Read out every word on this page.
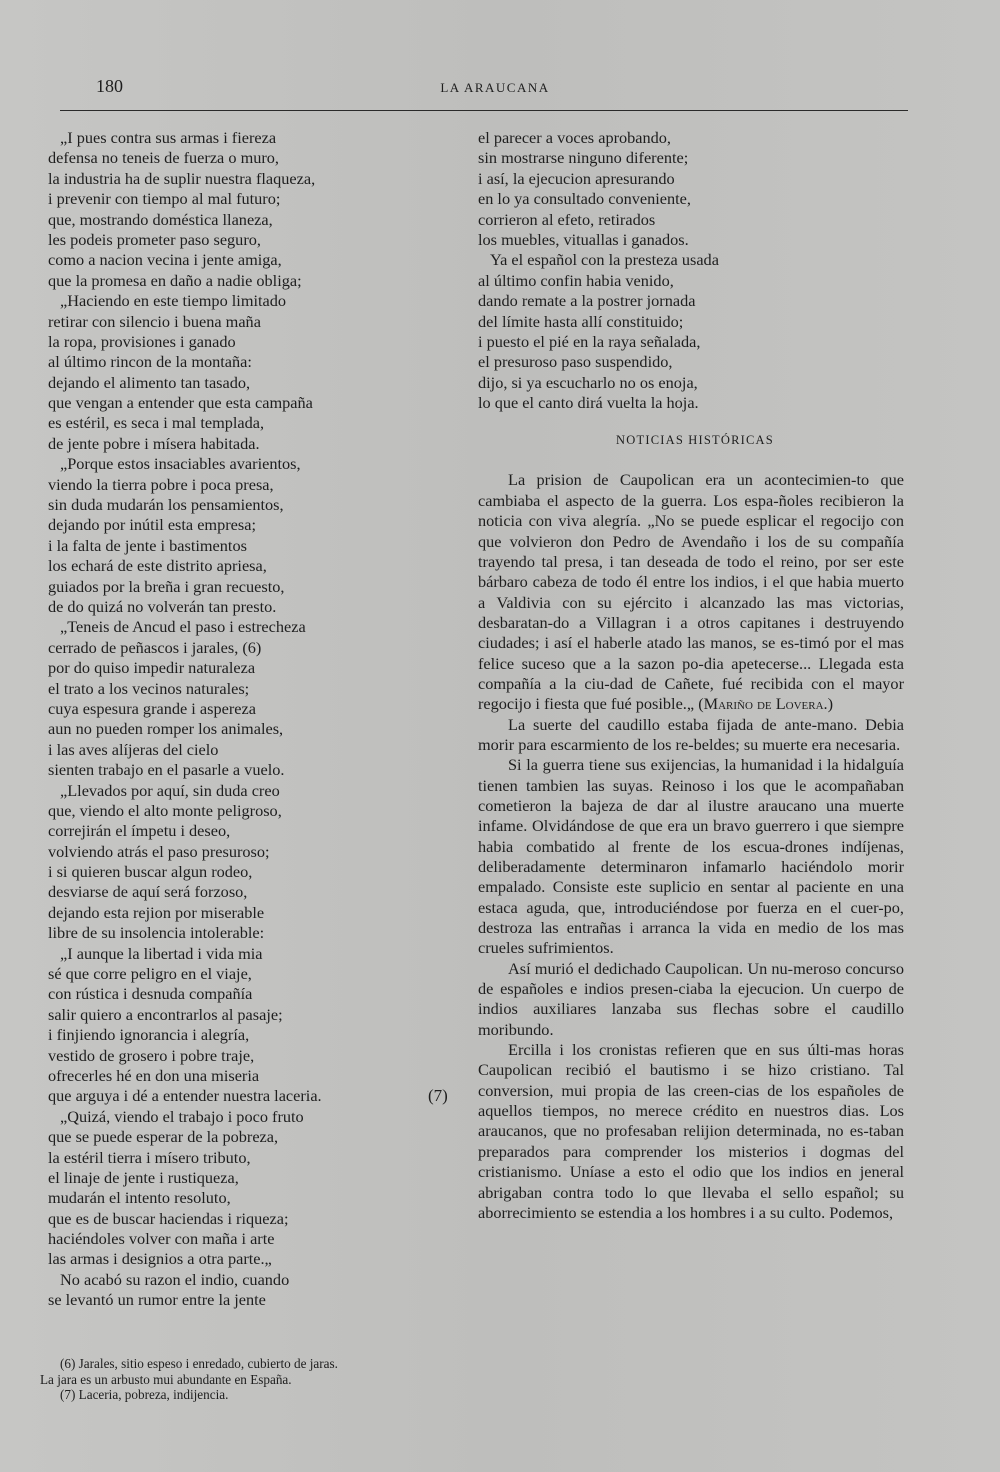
180	LA ARAUCANA
„I pues contra sus armas i fiereza
defensa no teneis de fuerza o muro,
la industria ha de suplir nuestra flaqueza,
i prevenir con tiempo al mal futuro;
que, mostrando doméstica llaneza,
les podeis prometer paso seguro,
como a nacion vecina i jente amiga,
que la promesa en daño a nadie obliga;
„Haciendo en este tiempo limitado
retirar con silencio i buena maña
la ropa, provisiones i ganado
al último rincon de la montaña:
dejando el alimento tan tasado,
que vengan a entender que esta campaña
es estéril, es seca i mal templada,
de jente pobre i mísera habitada.
„Porque estos insaciables avarientos,
viendo la tierra pobre i poca presa,
sin duda mudarán los pensamientos,
dejando por inútil esta empresa;
i la falta de jente i bastimentos
los echará de este distrito apriesa,
guiados por la breña i gran recuesto,
de do quizá no volverán tan presto.
„Teneis de Ancud el paso i estrecheza
cerrado de peñascos i jarales, (6)
por do quiso impedir naturaleza
el trato a los vecinos naturales;
cuya espesura grande i aspereza
aun no pueden romper los animales,
i las aves alíjeras del cielo
sienten trabajo en el pasarle a vuelo.
„Llevados por aquí, sin duda creo
que, viendo el alto monte peligroso,
correjirán el ímpetu i deseo,
volviendo atrás el paso presuroso;
i si quieren buscar algun rodeo,
desviarse de aquí será forzoso,
dejando esta rejion por miserable
libre de su insolencia intolerable:
„I aunque la libertad i vida mia
sé que corre peligro en el viaje,
con rústica i desnuda compañía
salir quiero a encontrarlos al pasaje;
i finjiendo ignorancia i alegría,
vestido de grosero i pobre traje,
ofrecerles hé en don una miseria
que arguya i dé a entender nuestra laceria.	(7)
„Quizá, viendo el trabajo i poco fruto
que se puede esperar de la pobreza,
la estéril tierra i mísero tributo,
el linaje de jente i rustiqueza,
mudarán el intento resoluto,
que es de buscar haciendas i riqueza;
haciéndoles volver con maña i arte
las armas i designios a otra parte.„
No acabó su razon el indio, cuando
se levantó un rumor entre la jente
el parecer a voces aprobando,
sin mostrarse ninguno diferente;
i así, la ejecucion apresurando
en lo ya consultado conveniente,
corrieron al efeto, retirados
los muebles, vituallas i ganados.
Ya el español con la presteza usada
al último confin habia venido,
dando remate a la postrer jornada
del límite hasta allí constituido;
i puesto el pié en la raya señalada,
el presuroso paso suspendido,
dijo, si ya escucharlo no os enoja,
lo que el canto dirá vuelta la hoja.
NOTICIAS HISTÓRICAS

La prision de Caupolican era un acontecimien-to que cambiaba el aspecto de la guerra. Los espa-ñoles recibieron la noticia con viva alegría. „No se puede esplicar el regocijo con que volvieron don Pedro de Avendaño i los de su compañía trayendo tal presa, i tan deseada de todo el reino, por ser este bárbaro cabeza de todo él entre los indios, i el que habia muerto a Valdivia con su ejército i alcanzado las mas victorias, desbaratan-do a Villagran i a otros capitanes i destruyendo ciudades; i así el haberle atado las manos, se es-timó por el mas felice suceso que a la sazon po-dia apetecerse... Llegada esta compañía a la ciu-dad de Cañete, fué recibida con el mayor regocijo i fiesta que fué posible.„ (Mariño de Lovera.)

La suerte del caudillo estaba fijada de ante-mano. Debia morir para escarmiento de los re-beldes; su muerte era necesaria.

Si la guerra tiene sus exijencias, la humanidad i la hidalguía tienen tambien las suyas. Reinoso i los que le acompañaban cometieron la bajeza de dar al ilustre araucano una muerte infame. Olvidándose de que era un bravo guerrero i que siempre habia combatido al frente de los escua-drones indíjenas, deliberadamente determinaron infamarlo haciéndolo morir empalado. Consiste este suplicio en sentar al paciente en una estaca aguda, que, introduciéndose por fuerza en el cuer-po, destroza las entrañas i arranca la vida en medio de los mas crueles sufrimientos.

Así murió el dedichado Caupolican. Un nu-meroso concurso de españoles e indios presen-ciaba la ejecucion. Un cuerpo de indios auxiliares lanzaba sus flechas sobre el caudillo moribundo.

Ercilla i los cronistas refieren que en sus últi-mas horas Caupolican recibió el bautismo i se hizo cristiano. Tal conversion, mui propia de las creen-cias de los españoles de aquellos tiempos, no merece crédito en nuestros dias. Los araucanos, que no profesaban relijion determinada, no es-taban preparados para comprender los misterios i dogmas del cristianismo. Uníase a esto el odio que los indios en jeneral abrigaban contra todo lo que llevaba el sello español; su aborrecimiento se estendia a los hombres i a su culto. Podemos,

(6) Jarales, sitio espeso i enredado, cubierto de jaras.

La jara es un arbusto mui abundante en España.

(7) Laceria, pobreza, indijencia.
